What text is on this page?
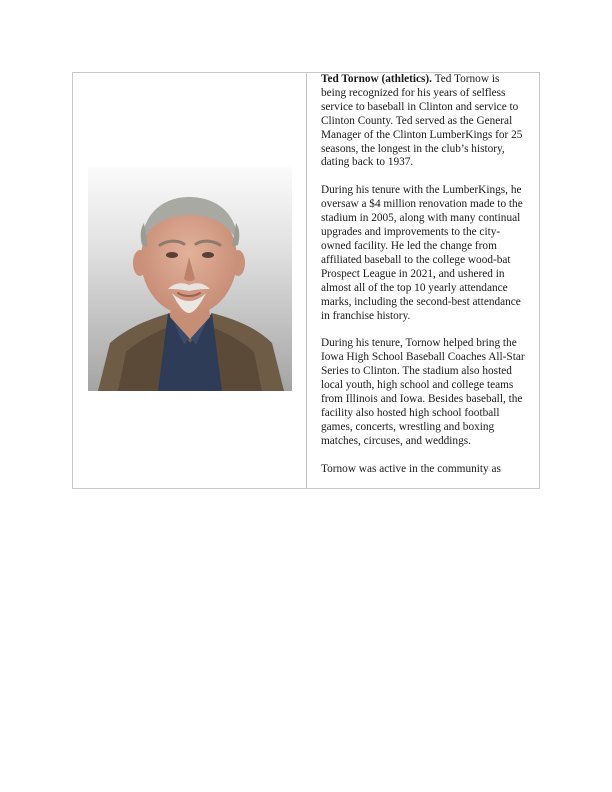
Ted Tornow (athletics). Ted Tornow is being recognized for his years of selfless service to baseball in Clinton and service to Clinton County. Ted served as the General Manager of the Clinton LumberKings for 25 seasons, the longest in the club’s history, dating back to 1937.

During his tenure with the LumberKings, he oversaw a $4 million renovation made to the stadium in 2005, along with many continual upgrades and improvements to the city-owned facility. He led the change from affiliated baseball to the college wood-bat Prospect League in 2021, and ushered in almost all of the top 10 yearly attendance marks, including the second-best attendance in franchise history.

During his tenure, Tornow helped bring the Iowa High School Baseball Coaches All-Star Series to Clinton. The stadium also hosted local youth, high school and college teams from Illinois and Iowa. Besides baseball, the facility also hosted high school football games, concerts, wrestling and boxing matches, circuses, and weddings.

Tornow was active in the community as
